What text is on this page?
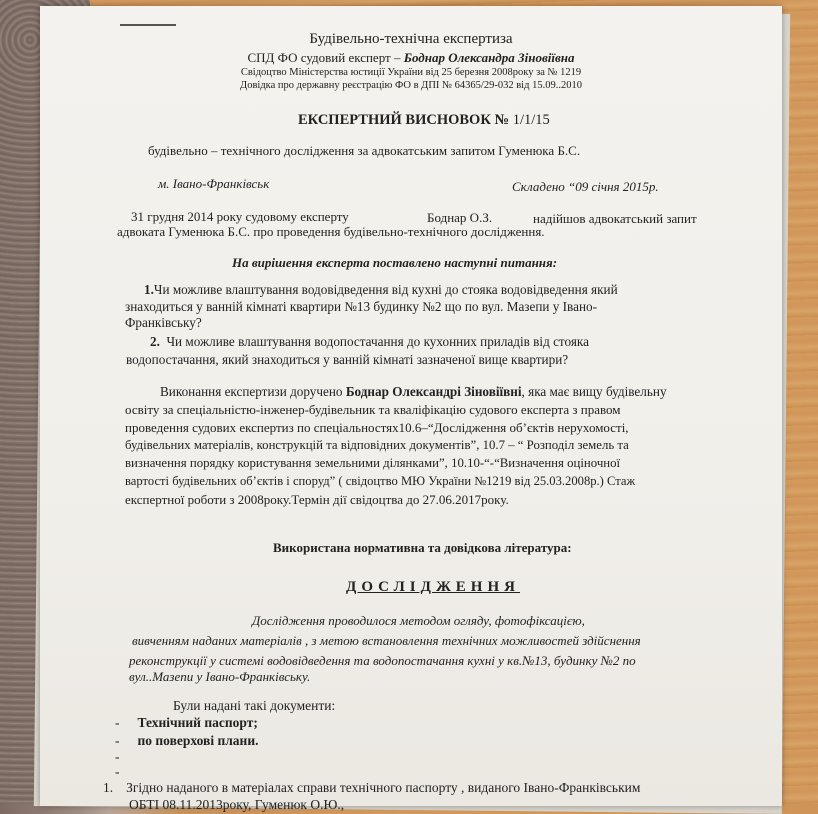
Будівельно-технічна експертиза
СПД ФО судовий експерт – Боднар Олександра Зіновіївна
Свідоцтво Міністерства юстиції України від 25 березня 2008року за № 1219
Довідка про державну реєстрацію ФО в ДПІ № 64365/29-032 від 15.09..2010
ЕКСПЕРТНИЙ ВИСНОВОК № 1/1/15
будівельно – технічного дослідження за адвокатським запитом Гуменюка Б.С.
м. Івано-Франківськ	Складено “09 січня 2015р.
31 грудня 2014 року судовому експерту	Боднар О.З.	надійшов адвокатський запит
адвоката Гуменюка Б.С. про проведення будівельно-технічного дослідження.
На вирішення експерта поставлено наступні питання:
1.Чи можливе влаштування водовідведення від кухні до стояка водовідведення який
знаходиться у ванній кімнаті квартири №13 будинку №2 що по вул. Мазепи у Івано-
Франківську?
2. Чи можливе влаштування водопостачання до кухонних приладів від стояка
водопостачання, який знаходиться у ванній кімнаті зазначеної вище квартири?
Виконання експертизи доручено Боднар Олександрі Зіновіївні, яка має вищу будівельну
освіту за спеціальністю-інженер-будівельник та кваліфікацію судового експерта з правом
проведення судових експертиз по спеціальностях10.6–“Дослідження об’єктів нерухомості,
будівельних матеріалів, конструкцій та відповідних документів”, 10.7 – “ Розподіл земель та
визначення порядку користування земельними ділянками”, 10.10-“-“Визначення оціночної
вартості будівельних об’єктів і споруд” ( свідоцтво МЮ України №1219 від 25.03.2008р.) Стаж
експертної роботи з 2008року.Термін дії свідоцтва до 27.06.2017року.
Використана нормативна та довідкова література:
ДОСЛІДЖЕННЯ
Дослідження проводилося методом огляду, фотофіксацією,
вивченням наданих матеріалів , з метою встановлення технічних можливостей здійснення
реконструкції у системі водовідведення та водопостачання кухні у кв.№13, будинку №2 по
вул..Мазепи у Івано-Франківську.
Були надані такі документи:
- Технічний паспорт;
- по поверхові плани.
-
-
1. Згідно наданого в матеріалах справи технічного паспорту , виданого Івано-Франківським
ОБТІ 08.11.2013року, Гуменюк О.Ю.,
